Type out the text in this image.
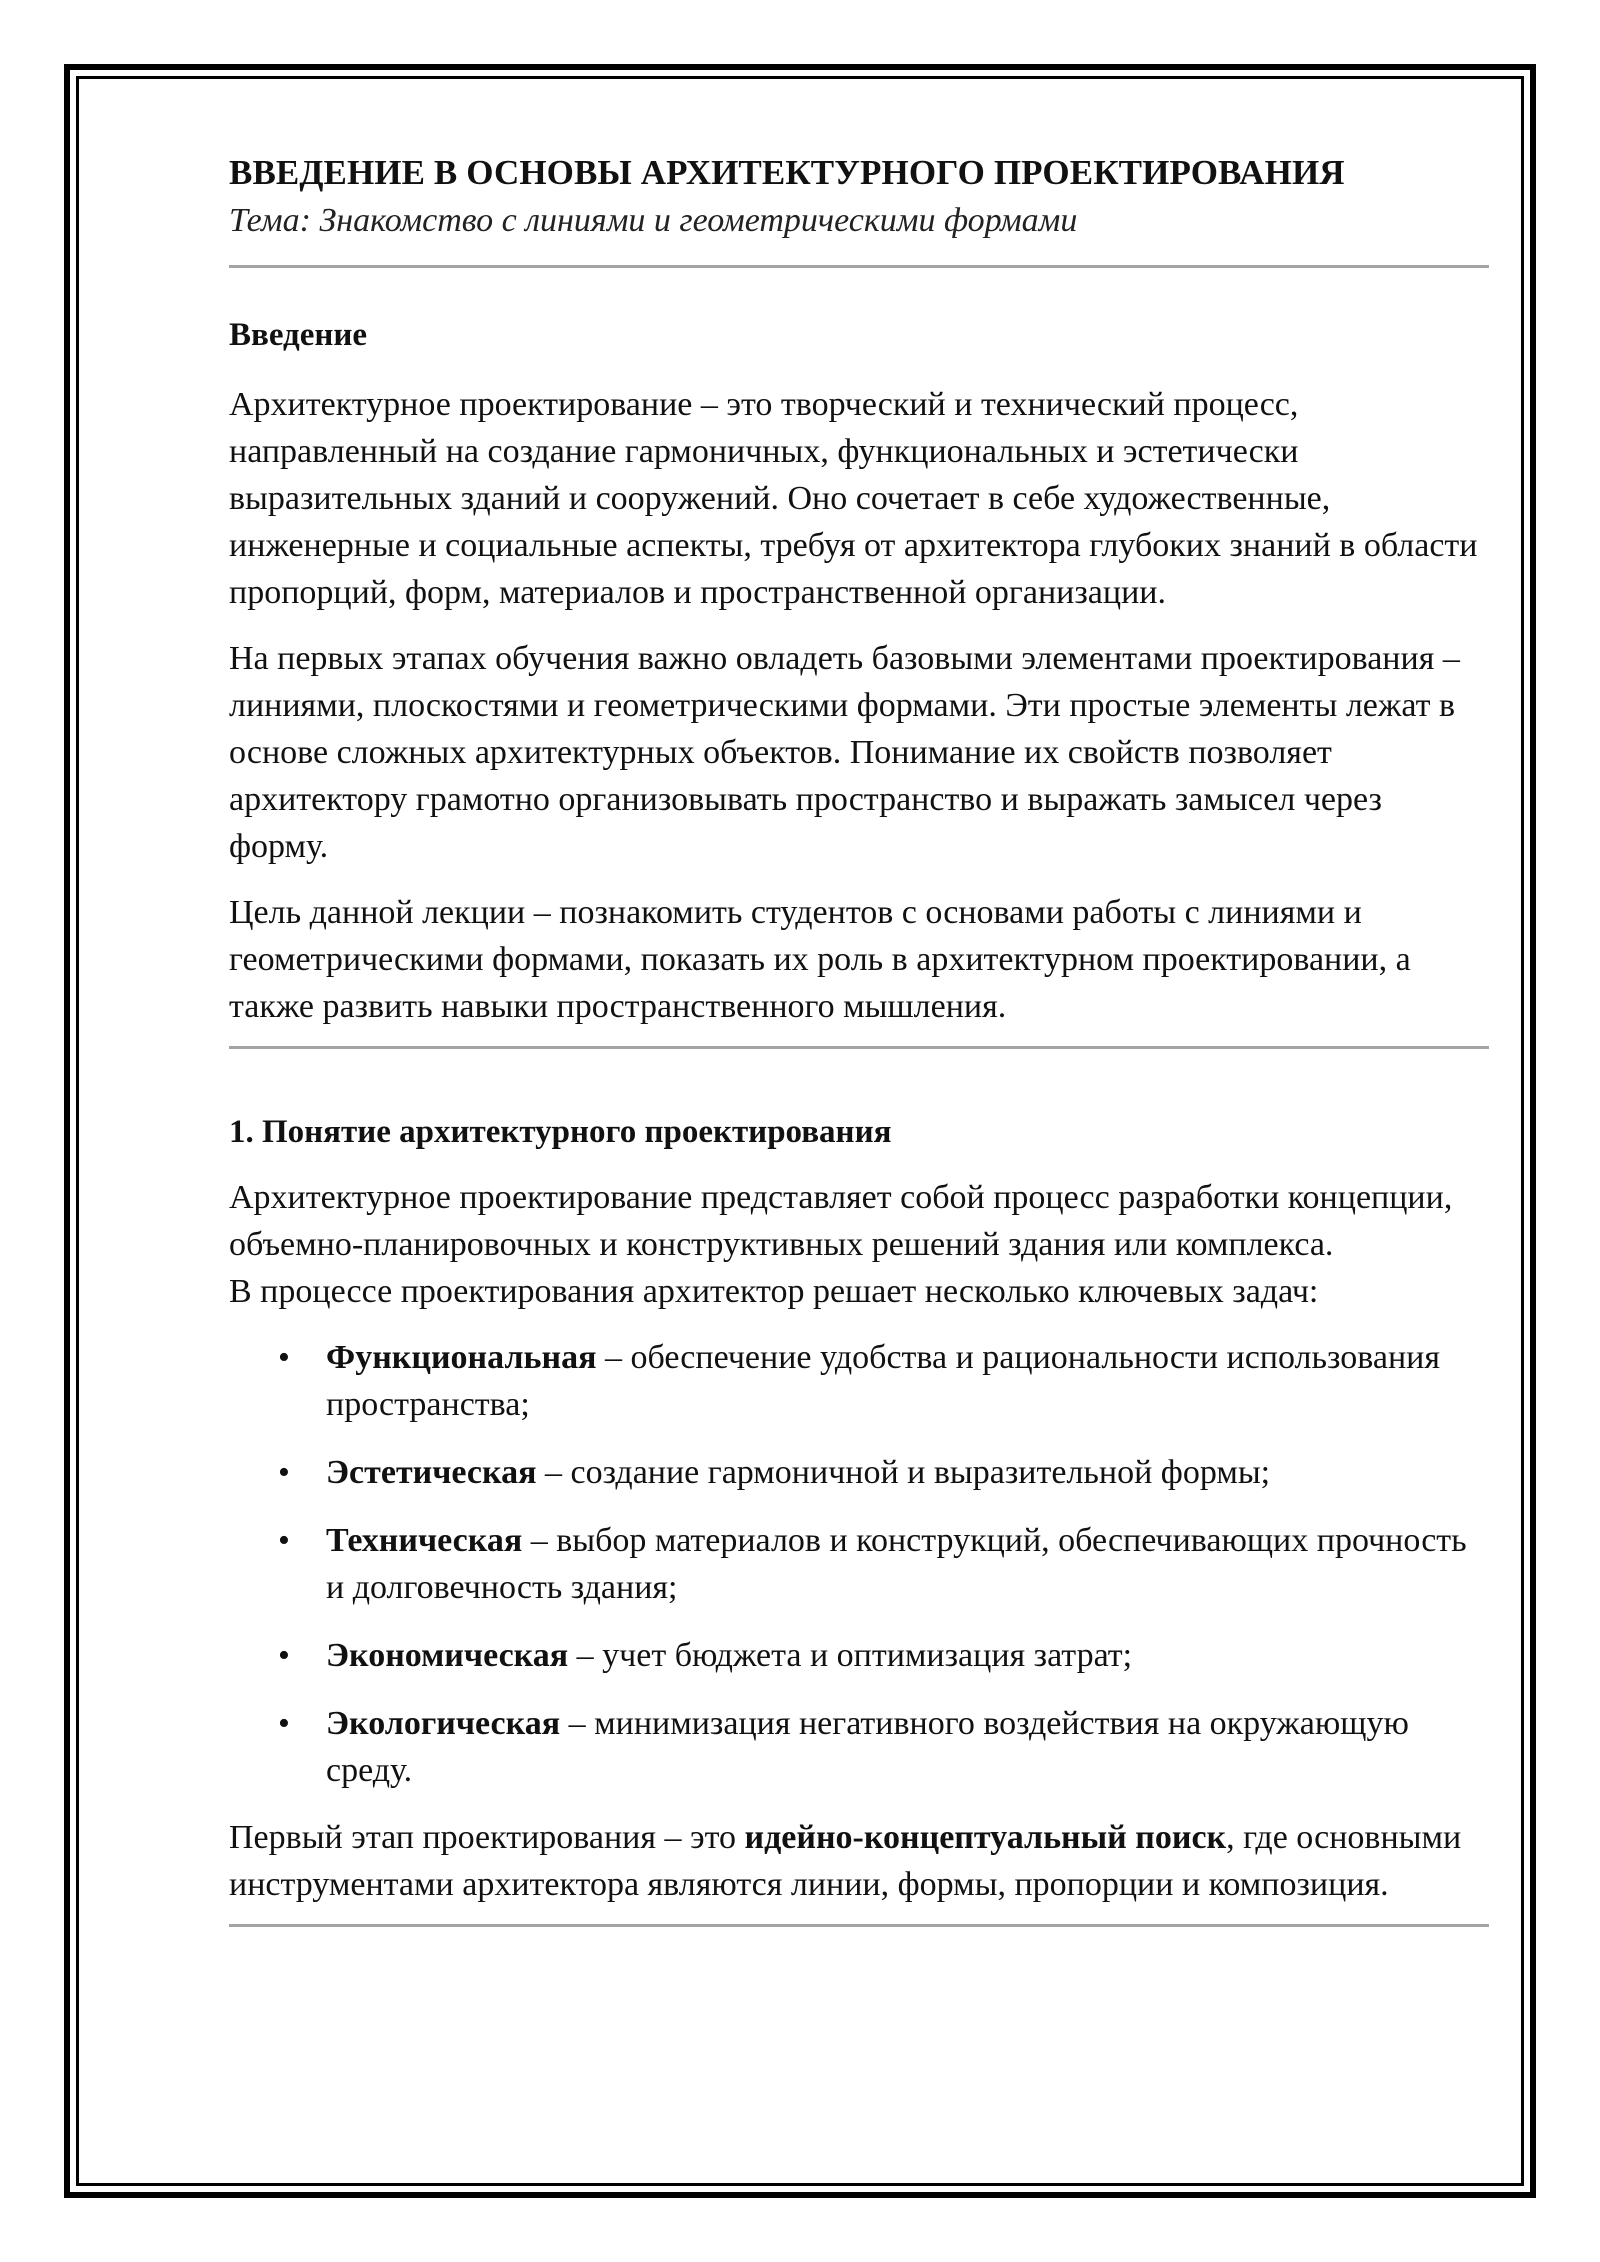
ВВЕДЕНИЕ В ОСНОВЫ АРХИТЕКТУРНОГО ПРОЕКТИРОВАНИЯ
Тема: Знакомство с линиями и геометрическими формами
Введение

Архитектурное проектирование – это творческий и технический процесс, направленный на создание гармоничных, функциональных и эстетически выразительных зданий и сооружений. Оно сочетает в себе художественные, инженерные и социальные аспекты, требуя от архитектора глубоких знаний в области пропорций, форм, материалов и пространственной организации.

На первых этапах обучения важно овладеть базовыми элементами проектирования – линиями, плоскостями и геометрическими формами. Эти простые элементы лежат в основе сложных архитектурных объектов. Понимание их свойств позволяет архитектору грамотно организовывать пространство и выражать замысел через форму.

Цель данной лекции – познакомить студентов с основами работы с линиями и геометрическими формами, показать их роль в архитектурном проектировании, а также развить навыки пространственного мышления.

1. Понятие архитектурного проектирования

Архитектурное проектирование представляет собой процесс разработки концепции, объемно-планировочных и конструктивных решений здания или комплекса.
В процессе проектирования архитектор решает несколько ключевых задач:

• Функциональная – обеспечение удобства и рациональности использования пространства;
• Эстетическая – создание гармоничной и выразительной формы;
• Техническая – выбор материалов и конструкций, обеспечивающих прочность и долговечность здания;
• Экономическая – учет бюджета и оптимизация затрат;
• Экологическая – минимизация негативного воздействия на окружающую среду.

Первый этап проектирования – это идейно-концептуальный поиск, где основными инструментами архитектора являются линии, формы, пропорции и композиция.
